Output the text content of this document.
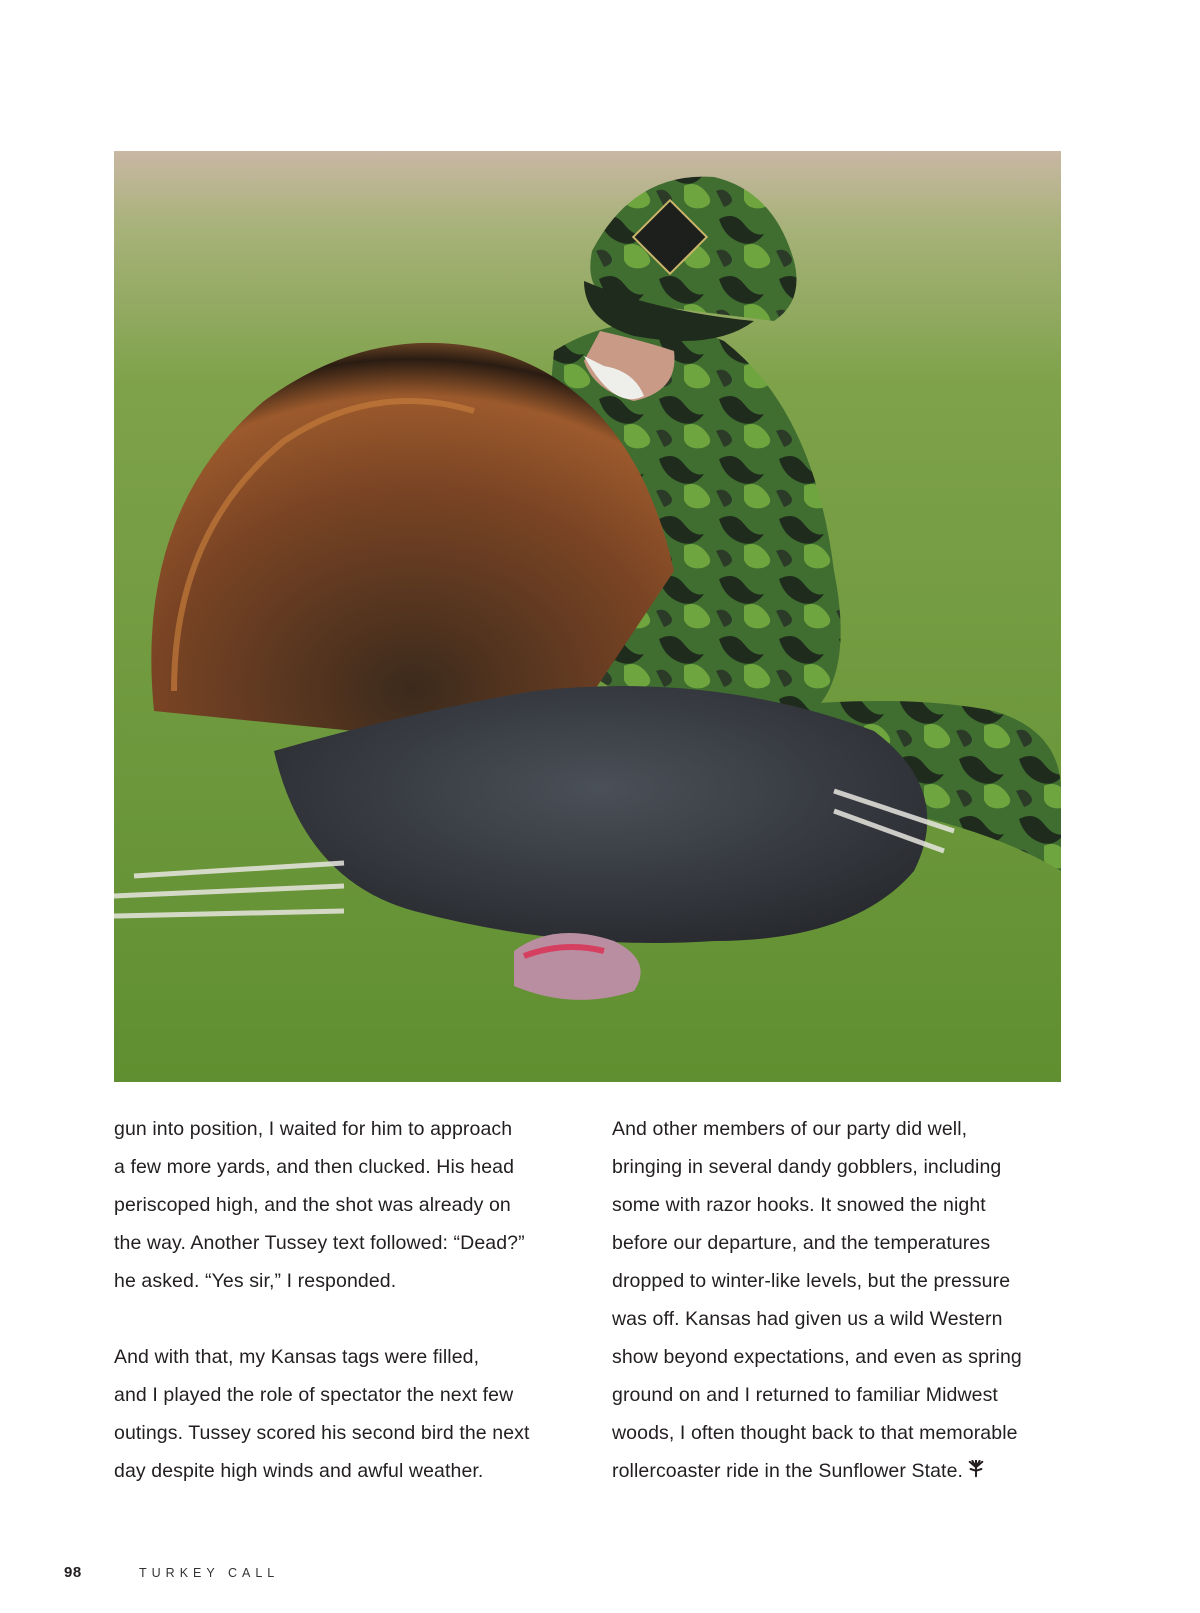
gun into position, I waited for him to approach
a few more yards, and then clucked. His head
periscoped high, and the shot was already on
the way. Another Tussey text followed: “Dead?”
he asked. “Yes sir,” I responded.

And with that, my Kansas tags were filled,
and I played the role of spectator the next few
outings. Tussey scored his second bird the next
day despite high winds and awful weather.

And other members of our party did well,
bringing in several dandy gobblers, including
some with razor hooks. It snowed the night
before our departure, and the temperatures
dropped to winter-like levels, but the pressure
was off. Kansas had given us a wild Western
show beyond expectations, and even as spring
ground on and I returned to familiar Midwest
woods, I often thought back to that memorable
rollercoaster ride in the Sunflower State.

98	TURKEY CALL
